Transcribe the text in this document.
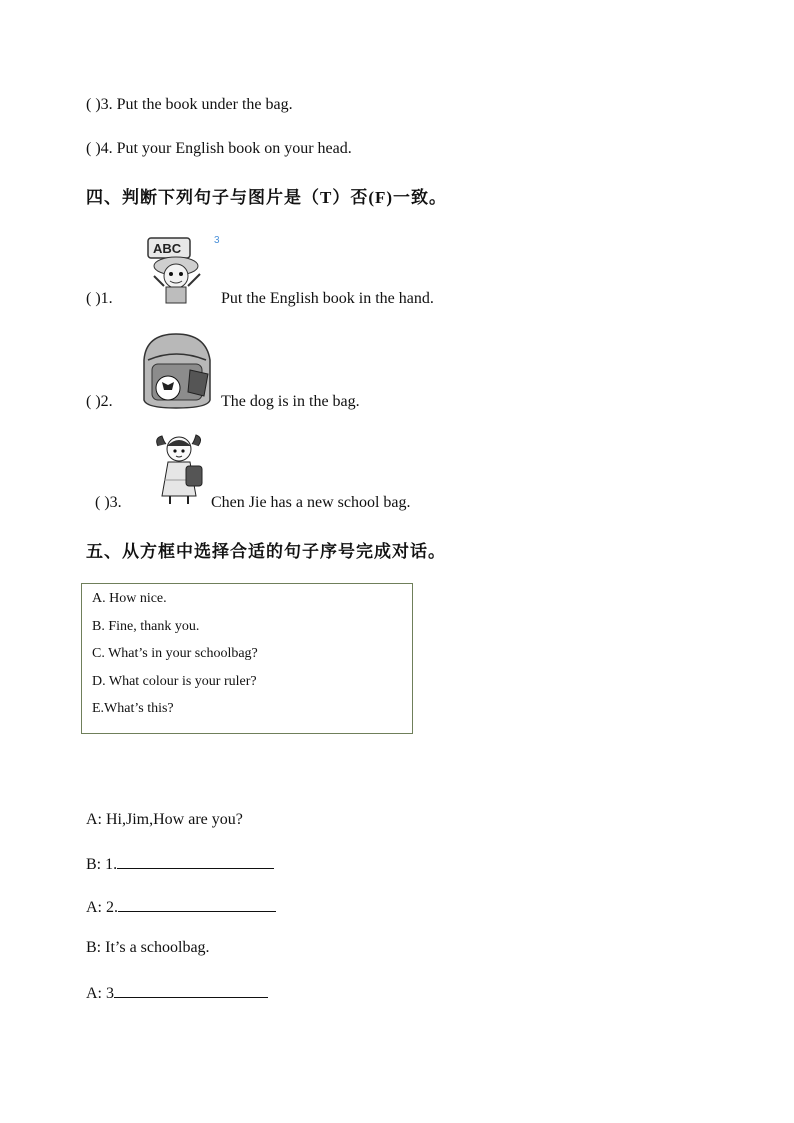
( )3. Put the book under the bag.
( )4. Put your English book on your head.
四、判断下列句子与图片是（T）否(F)一致。
ABC
3
( )1.	Put the English book in the hand.
( )2.	The dog is in the bag.
( )3.	Chen Jie has a new school bag.
五、从方框中选择合适的句子序号完成对话。
A. How nice.
B. Fine, thank you.
C. What’s in your schoolbag?
D. What colour is your ruler?
E.What’s this?
A: Hi,Jim,How are you?
B: 1.
A: 2.
B: It’s a schoolbag.
A: 3
